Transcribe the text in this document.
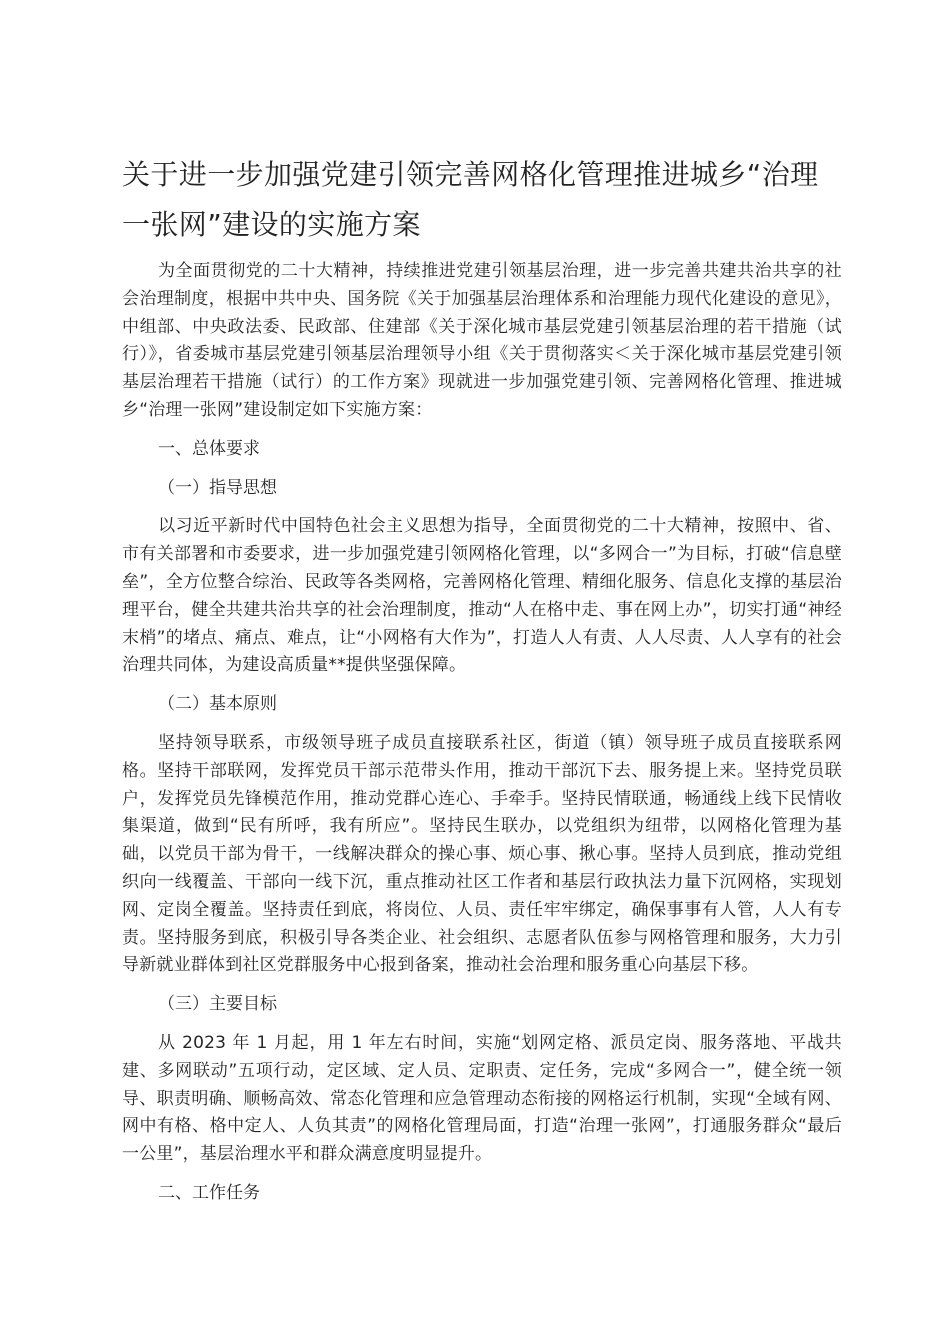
关于进一步加强党建引领完善网格化管理推进城乡“治理一张网”建设的实施方案

为全面贯彻党的二十大精神，持续推进党建引领基层治理，进一步完善共建共治共享的社会治理制度，根据中共中央、国务院《关于加强基层治理体系和治理能力现代化建设的意见》，中组部、中央政法委、民政部、住建部《关于深化城市基层党建引领基层治理的若干措施（试行）》，省委城市基层党建引领基层治理领导小组《关于贯彻落实＜关于深化城市基层党建引领基层治理若干措施（试行）的工作方案》现就进一步加强党建引领、完善网格化管理、推进城乡“治理一张网”建设制定如下实施方案：

一、总体要求

（一）指导思想

以习近平新时代中国特色社会主义思想为指导，全面贯彻党的二十大精神，按照中、省、市有关部署和市委要求，进一步加强党建引领网格化管理，以“多网合一”为目标，打破“信息壁垒”，全方位整合综治、民政等各类网格，完善网格化管理、精细化服务、信息化支撑的基层治理平台，健全共建共治共享的社会治理制度，推动“人在格中走、事在网上办”，切实打通“神经末梢”的堵点、痛点、难点，让“小网格有大作为”，打造人人有责、人人尽责、人人享有的社会治理共同体，为建设高质量**提供坚强保障。

（二）基本原则

坚持领导联系，市级领导班子成员直接联系社区，街道（镇）领导班子成员直接联系网格。坚持干部联网，发挥党员干部示范带头作用，推动干部沉下去、服务提上来。坚持党员联户，发挥党员先锋模范作用，推动党群心连心、手牵手。坚持民情联通，畅通线上线下民情收集渠道，做到“民有所呼，我有所应”。坚持民生联办，以党组织为纽带，以网格化管理为基础，以党员干部为骨干，一线解决群众的操心事、烦心事、揪心事。坚持人员到底，推动党组织向一线覆盖、干部向一线下沉，重点推动社区工作者和基层行政执法力量下沉网格，实现划网、定岗全覆盖。坚持责任到底，将岗位、人员、责任牢牢绑定，确保事事有人管，人人有专责。坚持服务到底，积极引导各类企业、社会组织、志愿者队伍参与网格管理和服务，大力引导新就业群体到社区党群服务中心报到备案，推动社会治理和服务重心向基层下移。

（三）主要目标

从 2023 年 1 月起，用 1 年左右时间，实施“划网定格、派员定岗、服务落地、平战共建、多网联动”五项行动，定区域、定人员、定职责、定任务，完成“多网合一”，健全统一领导、职责明确、顺畅高效、常态化管理和应急管理动态衔接的网格运行机制，实现“全域有网、网中有格、格中定人、人负其责”的网格化管理局面，打造“治理一张网”，打通服务群众“最后一公里”，基层治理水平和群众满意度明显提升。

二、工作任务
